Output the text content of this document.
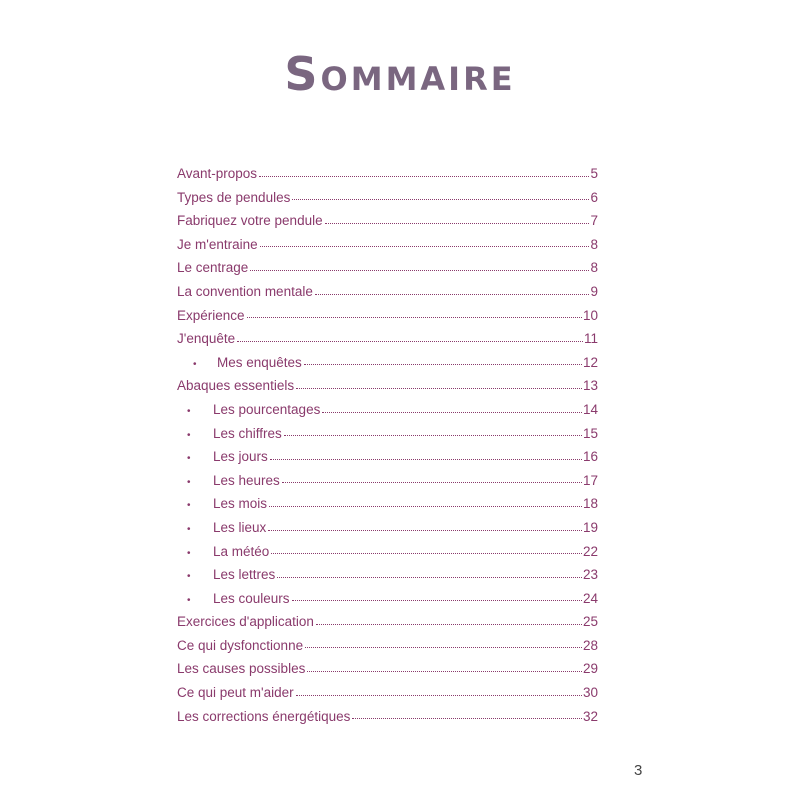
Sommaire
Avant-propos	5
Types de pendules	6
Fabriquez votre pendule	7
Je m'entraine	8
Le centrage	8
La convention mentale	9
Expérience	10
J'enquête	11
•	Mes enquêtes	12
Abaques essentiels	13
•	Les pourcentages	14
•	Les chiffres	15
•	Les jours	16
•	Les heures	17
•	Les mois	18
•	Les lieux	19
•	La météo	22
•	Les lettres	23
•	Les couleurs	24
Exercices d'application	25
Ce qui dysfonctionne	28
Les causes possibles	29
Ce qui peut m'aider	30
Les corrections énergétiques	32
3
